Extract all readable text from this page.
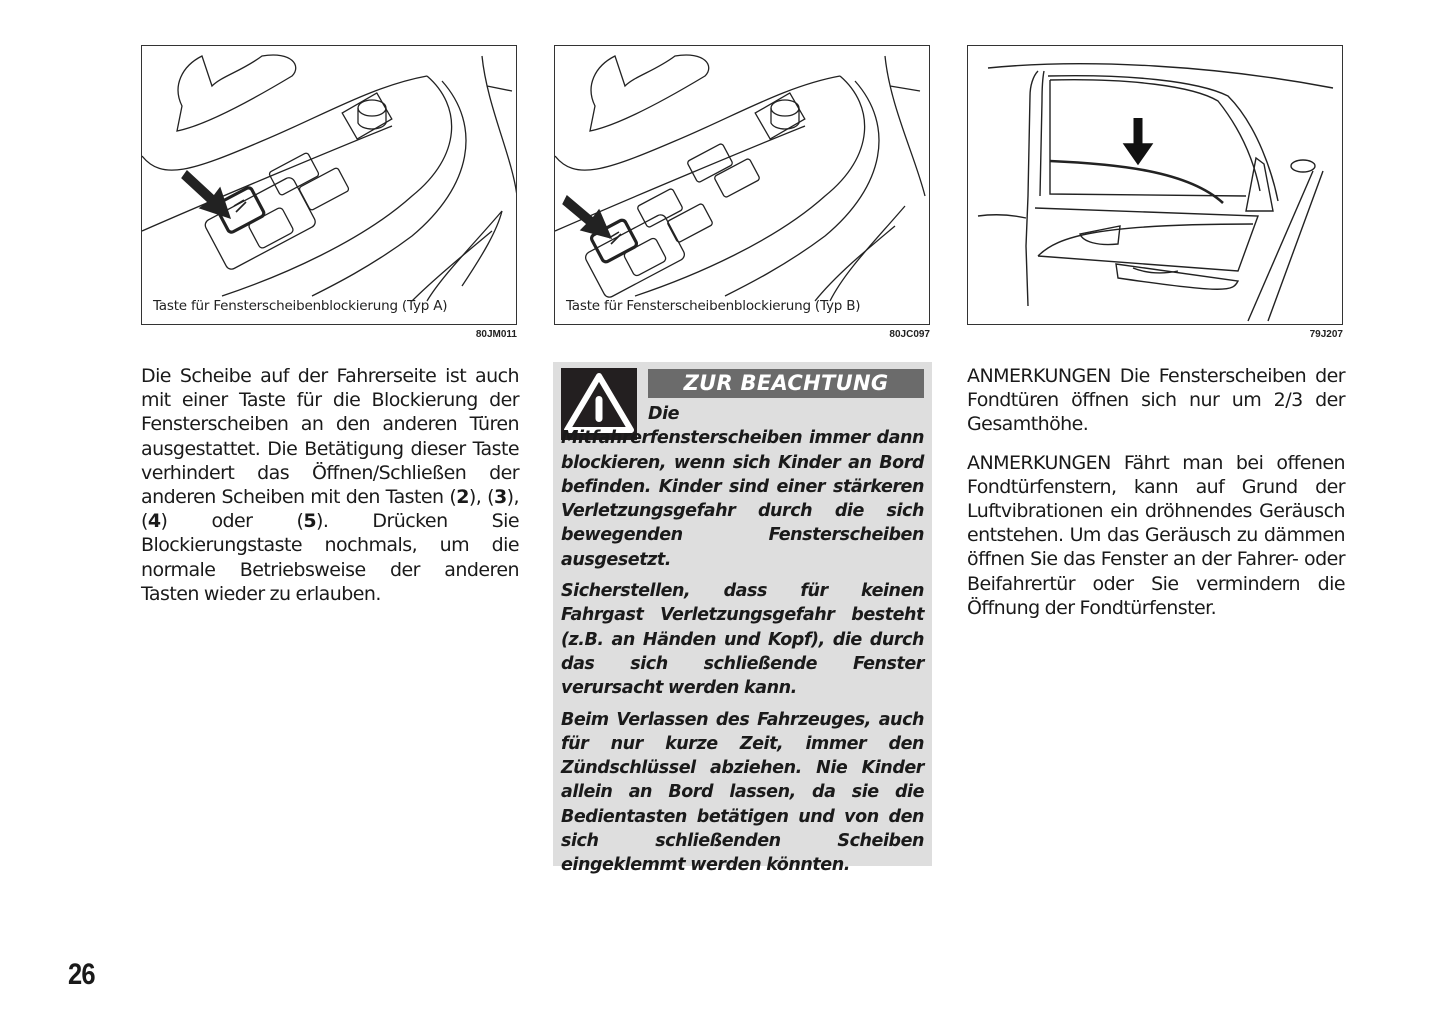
Taste für Fensterscheibenblockierung (Typ A)
80JM011
Taste für Fensterscheibenblockierung (Typ B)
80JC097	79J207

Die Scheibe auf der Fahrerseite ist auch mit einer Taste für die Blockierung der Fensterscheiben an den anderen Türen ausgestattet. Die Betätigung dieser Taste verhindert das Öffnen/Schließen der anderen Scheiben mit den Tasten (2), (3), (4) oder (5). Drücken Sie Blockierungstaste nochmals, um die normale Betriebsweise der anderen Tasten wieder zu erlauben.

ZUR BEACHTUNG

Die Mitfahrerfensterscheiben immer dann blockieren, wenn sich Kinder an Bord befinden. Kinder sind einer stärkeren Verletzungsgefahr durch die sich bewegenden Fensterscheiben ausgesetzt.

Sicherstellen, dass für keinen Fahrgast Verletzungsgefahr besteht (z.B. an Händen und Kopf), die durch das sich schließende Fenster verursacht werden kann.

Beim Verlassen des Fahrzeuges, auch für nur kurze Zeit, immer den Zündschlüssel abziehen. Nie Kinder allein an Bord lassen, da sie die Bedientasten betätigen und von den sich schließenden Scheiben eingeklemmt werden könnten.

ANMERKUNGEN Die Fensterscheiben der Fondtüren öffnen sich nur um 2/3 der Gesamthöhe.

ANMERKUNGEN Fährt man bei offenen Fondtürfenstern, kann auf Grund der Luftvibrationen ein dröhnendes Geräusch entstehen. Um das Geräusch zu dämmen öffnen Sie das Fenster an der Fahrer- oder Beifahrertür oder Sie vermindern die Öffnung der Fondtürfenster.

26
